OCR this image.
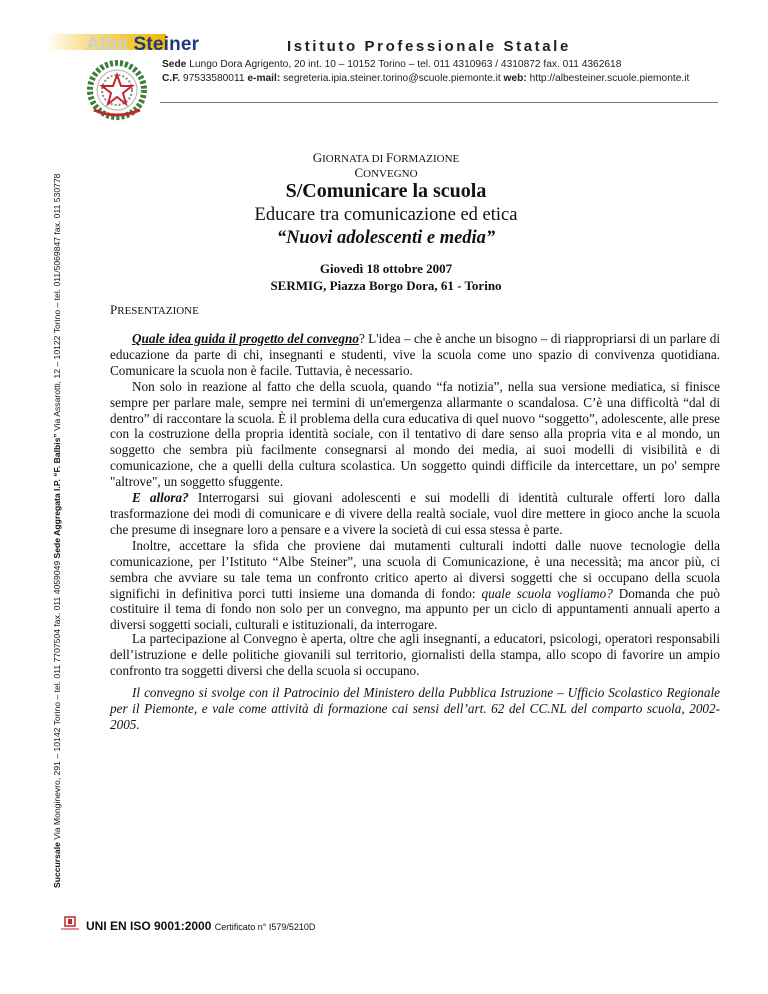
Albe Steiner	Istituto Professionale Statale
Sede Lungo Dora Agrigento, 20 int. 10 – 10152 Torino – tel. 011 4310963 / 4310872 fax. 011 4362618
C.F. 97533580011 e-mail: segreteria.ipia.steiner.torino@scuole.piemonte.it web: http://albesteiner.scuole.piemonte.it
Succursale Via Monginevro, 291 – 10142 Torino – tel. 011 7707504 fax. 011 4059049 Sede Aggregata I.P. “F. Balbis” Via Assarotti, 12 – 10122 Torino – tel. 011/5069847 fax. 011 530778
GIORNATA DI FORMAZIONE
CONVEGNO
S/Comunicare la scuola
Educare tra comunicazione ed etica
“Nuovi adolescenti e media”
Giovedì 18 ottobre 2007
SERMIG, Piazza Borgo Dora, 61 - Torino
PRESENTAZIONE

Quale idea guida il progetto del convegno? L'idea – che è anche un bisogno – di riappropriarsi di un parlare di educazione da parte di chi, insegnanti e studenti, vive la scuola come uno spazio di convivenza quotidiana. Comunicare la scuola non è facile. Tuttavia, è necessario.

Non solo in reazione al fatto che della scuola, quando “fa notizia”, nella sua versione mediatica, si finisce sempre per parlare male, sempre nei termini di un'emergenza allarmante o scandalosa. C’è una difficoltà “dal di dentro” di raccontare la scuola. È il problema della cura educativa di quel nuovo “soggetto”, adolescente, alle prese con la costruzione della propria identità sociale, con il tentativo di dare senso alla propria vita e al mondo, un soggetto che sembra più facilmente consegnarsi al mondo dei media, ai suoi modelli di visibilità e di comunicazione, che a quelli della cultura scolastica. Un soggetto quindi difficile da intercettare, un po' sempre "altrove", un soggetto sfuggente.

E allora? Interrogarsi sui giovani adolescenti e sui modelli di identità culturale offerti loro dalla trasformazione dei modi di comunicare e di vivere della realtà sociale, vuol dire mettere in gioco anche la scuola che presume di insegnare loro a pensare e a vivere la società di cui essa stessa è parte.

Inoltre, accettare la sfida che proviene dai mutamenti culturali indotti dalle nuove tecnologie della comunicazione, per l’Istituto “Albe Steiner”, una scuola di Comunicazione, è una necessità; ma ancor più, ci sembra che avviare su tale tema un confronto critico aperto ai diversi soggetti che si occupano della scuola significhi in definitiva porci tutti insieme una domanda di fondo: quale scuola vogliamo? Domanda che può costituire il tema di fondo non solo per un convegno, ma appunto per un ciclo di appuntamenti annuali aperto a diversi soggetti sociali, culturali e istituzionali, da interrogare.

La partecipazione al Convegno è aperta, oltre che agli insegnanti, a educatori, psicologi, operatori responsabili dell’istruzione e delle politiche giovanili sul territorio, giornalisti della stampa, allo scopo di favorire un ampio confronto tra soggetti diversi che della scuola si occupano.

Il convegno si svolge con il Patrocinio del Ministero della Pubblica Istruzione – Ufficio Scolastico Regionale per il Piemonte, e vale come attività di formazione cai sensi dell’art. 62 del CC.NL del comparto scuola, 2002-2005.

UNI EN ISO 9001:2000 Certificato n° I579/5210D
